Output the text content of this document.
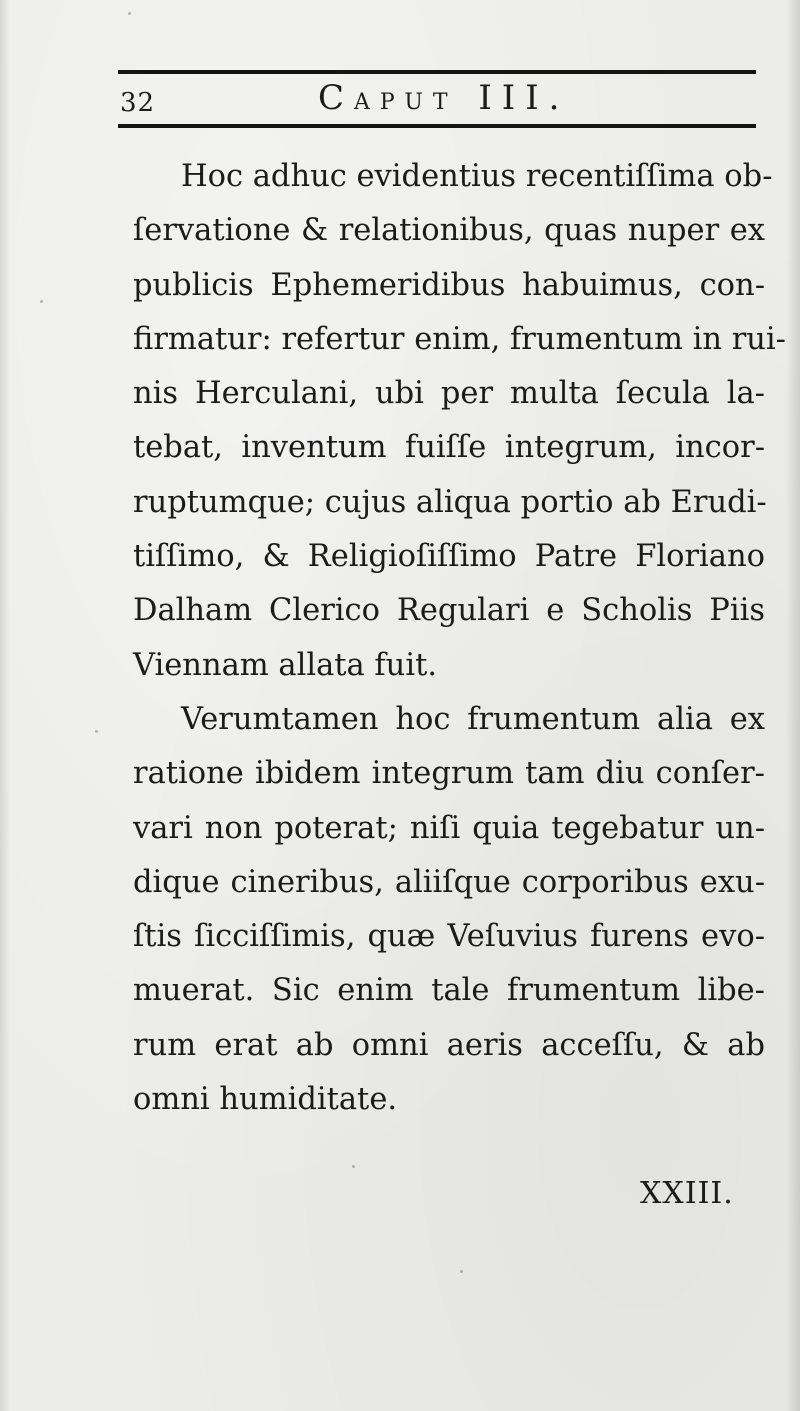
32	CAPUT III.
Hoc adhuc evidentius recentiſſima ob-
ſervatione & relationibus, quas nuper ex
publicis Ephemeridibus habuimus, con-
firmatur: refertur enim, frumentum in rui-
nis Herculani, ubi per multa ſecula la-
tebat, inventum fuiſſe integrum, incor-
ruptumque; cujus aliqua portio ab Erudi-
tiſſimo, & Religioſiſſimo Patre Floriano
Dalham Clerico Regulari e Scholis Piis
Viennam allata fuit.
Verumtamen hoc frumentum alia ex
ratione ibidem integrum tam diu conſer-
vari non poterat; niſi quia tegebatur un-
dique cineribus, aliiſque corporibus exu-
ſtis ſicciſſimis, quæ Veſuvius furens evo-
muerat. Sic enim tale frumentum libe-
rum erat ab omni aeris acceſſu, & ab
omni humiditate.
XXIII.
